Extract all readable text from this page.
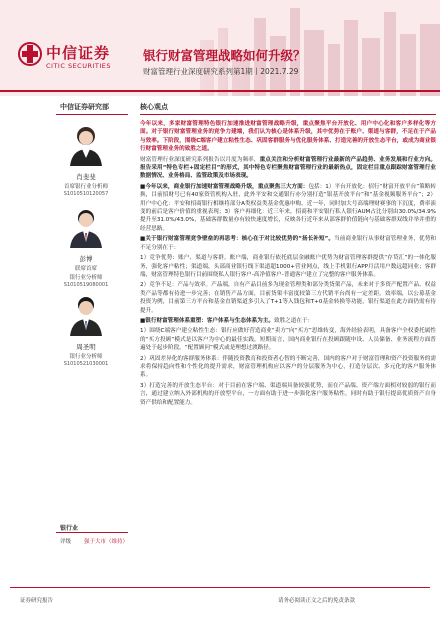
中信证券
CITIC SECURITIES
银行财富管理战略如何升级？
财富管理行业深度研究系列第1期丨2021.7.29
中信证券研究部
肖斐斐
首席银行业分析师
S1010510120057
彭博
联席首席
银行业分析师
S1010519080001
周圣明
银行业分析师
S1010521030001
银行业
评级 强于大市（维持）
核心观点

今年以来，多家财富管理特色银行加速推进财富管理战略升级，重点聚焦平台开放化、用户中心化和客户多样化等方面。对于银行财富管理业务的竞争力建端，我们认为核心是体系升级，其中优势在于账户、渠道与客群，不足在于产品与效率。下阶段，围绕C端客户建立粘性生态、巩固客群服务与优化服务体系、打造完善的开放生态平台，或成为商业银行财富管理业务的致胜之道。

财富管理行业深度研究系列报告以月度为频率，重点关注和分析财富管理行业最新的产品趋势、业务发展和行业方向。报告采用“特色专栏+固定栏目”的形式，其中特色专栏聚焦财富管理行业的最新热点，固定栏目重点跟踪财富管理行业数据情况、业务格局、监管政策及市场表现。

■今年以来，商业银行加速财富管理战略升级，重点聚焦三大方面：包括：1）平台开放化：招行“财富开放平台”策略转换，目前招财号已有40家资管机构入驻，此外平安和交通银行亦分别打造“银基开放平台”和“基金视频服务平台”；2）用户中心化：平安和招商银行相继将部分A类权益类基金优惠申购，近一年，同时加大号高端理财赛事的下沉度，费率演变的前后是客户价值的重视表现；3）客户再细化：近三年来，招商和平安银行私人银行AUM占比分别由30.0%/34.9%提升至31.0%/43.0%，基础客群数量亦有较快速度增长，反映各行近年来从部客群价值链向与基础客群双线并举并重的经营思路。

■关于银行财富管理竞争壁垒的再思考：核心在于对比较优势的“扬长补短”。当前商业银行从事财富管理业务，优势和不足分别在于：

1）竞争优势：账户、渠道与客群。账户端，商业银行依托底层金融账户优势为财富管理客群提供“存贷汇”的一体化服务，强化客户粘性；渠道端，头部商业银行线下渠道超1000+营业网点，线上手机银行APP月活用户数远超同业；客群端，财富管理特色银行目前围绕私人银行客户-高净值客户-普通客户建立了完整的客户服务体系。

2）竞争不足：产品与效率。产品端，自有产品目前多为现金管理类和部分类货架产品，未来对于多资产配置产品、权益类产品等都有待进一步完善；在销售产品方面，目前货架丰富度较第三方代销平台尚有一定差距。效率端，以公募基金投资为例，目前第三方平台和基金直销渠道多引入了T+1等入钱包和T+0基金转换等功能，银行渠道在此方面仍需有待提升。

■银行财富管理体系重塑：客户体系与生态体系为主。致胜之道在于：

1）围绕C端客户建立粘性生态：银行应做好营造商业“卖方”向“买方”思维转变，海外经验表明，具备客户全权委托属性的“买方投顾”模式是以客户为中心的最佳实践，短期而言，国内商业银行在投顾跟随申设、人员储备、业务流程方面普遍处于起步阶段，“配置顾问”模式或是理想过渡路径。

2）巩固差异化的客群服务体系：伴随投资教育和投资者心智的不断完善，国内的客户对于财富管理和资产投资服务的需求将保持趋向性和个性化的提升需求，财富管理机构应以客户的分层服务为中心，打造分层次、多元化的客户服务体系。

3）打造完善的开放生态平台：对于目前在客户端、渠道端具备较强优势，而在产品端、资产端方面相对较弱的银行而言，通过建立纳入外部机构的开放型平台，一方面有助于进一步强化客户服务粘性，同时有助于银行提高优质资产自身资产供给和配置能力。

证券研究报告	请务必阅读正文之后的免责条款
